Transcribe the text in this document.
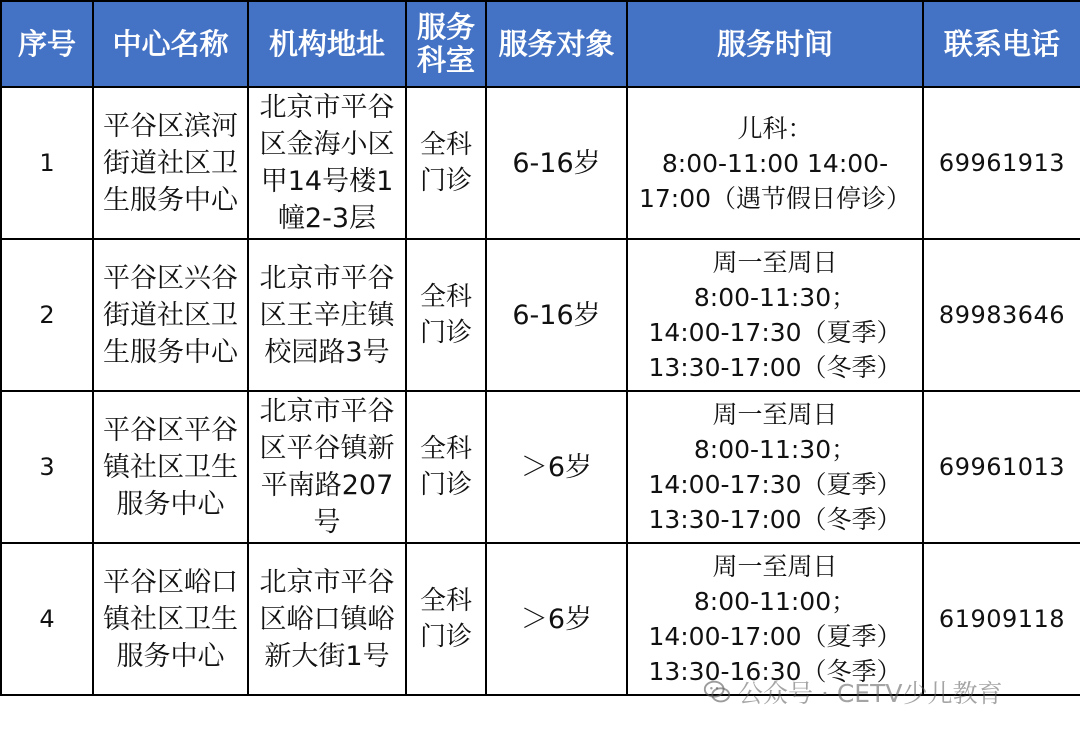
序号	中心名称	机构地址	服务科室	服务对象	服务时间	联系电话
1	平谷区滨河街道社区卫生服务中心	北京市平谷区金海小区甲14号楼1幢2-3层	全科门诊	6-16岁	儿科：
8:00-11:00 14:00-17:00（遇节假日停诊）	69961913
2	平谷区兴谷街道社区卫生服务中心	北京市平谷区王辛庄镇校园路3号	全科门诊	6-16岁	周一至周日
8:00-11:30；
14:00-17:30（夏季）
13:30-17:00（冬季）	89983646
3	平谷区平谷镇社区卫生服务中心	北京市平谷区平谷镇新平南路207号	全科门诊	＞6岁	周一至周日
8:00-11:30；
14:00-17:30（夏季）
13:30-17:00（冬季）	69961013
4	平谷区峪口镇社区卫生服务中心	北京市平谷区峪口镇峪新大街1号	全科门诊	＞6岁	周一至周日
8:00-11:00；
14:00-17:00（夏季）
13:30-16:30（冬季）	61909118
公众号 · CETV少儿教育
